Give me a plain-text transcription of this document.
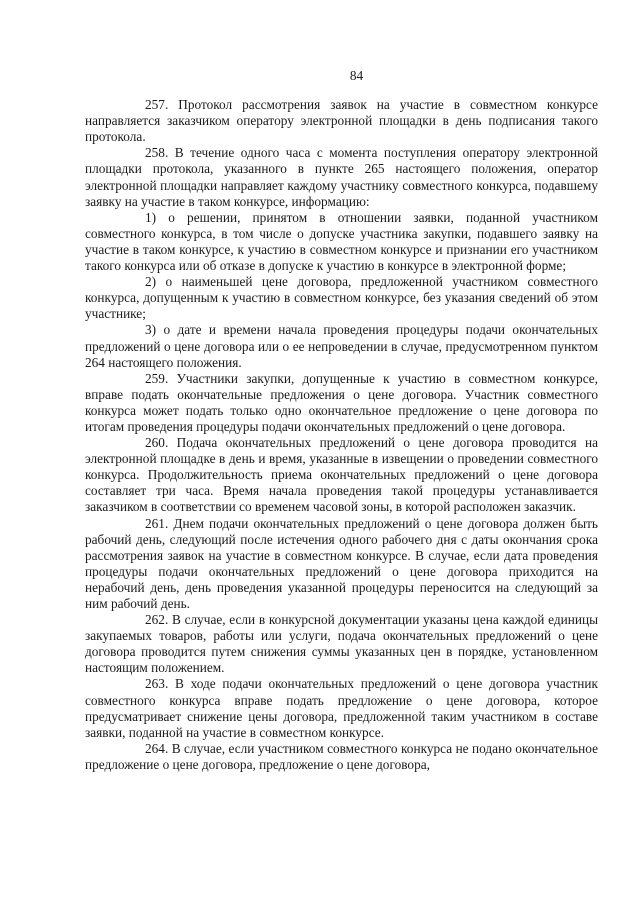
84

257. Протокол рассмотрения заявок на участие в совместном конкурсе направляется заказчиком оператору электронной площадки в день подписания такого протокола.

258. В течение одного часа с момента поступления оператору электронной площадки протокола, указанного в пункте 265 настоящего положения, оператор электронной площадки направляет каждому участнику совместного конкурса, подавшему заявку на участие в таком конкурсе, информацию:

1) о решении, принятом в отношении заявки, поданной участником совместного конкурса, в том числе о допуске участника закупки, подавшего заявку на участие в таком конкурсе, к участию в совместном конкурсе и признании его участником такого конкурса или об отказе в допуске к участию в конкурсе в электронной форме;

2) о наименьшей цене договора, предложенной участником совместного конкурса, допущенным к участию в совместном конкурсе, без указания сведений об этом участнике;

3) о дате и времени начала проведения процедуры подачи окончательных предложений о цене договора или о ее непроведении в случае, предусмотренном пунктом 264 настоящего положения.

259. Участники закупки, допущенные к участию в совместном конкурсе, вправе подать окончательные предложения о цене договора. Участник совместного конкурса может подать только одно окончательное предложение о цене договора по итогам проведения процедуры подачи окончательных предложений о цене договора.

260. Подача окончательных предложений о цене договора проводится на электронной площадке в день и время, указанные в извещении о проведении совместного конкурса. Продолжительность приема окончательных предложений о цене договора составляет три часа. Время начала проведения такой процедуры устанавливается заказчиком в соответствии со временем часовой зоны, в которой расположен заказчик.

261. Днем подачи окончательных предложений о цене договора должен быть рабочий день, следующий после истечения одного рабочего дня с даты окончания срока рассмотрения заявок на участие в совместном конкурсе. В случае, если дата проведения процедуры подачи окончательных предложений о цене договора приходится на нерабочий день, день проведения указанной процедуры переносится на следующий за ним рабочий день.

262. В случае, если в конкурсной документации указаны цена каждой единицы закупаемых товаров, работы или услуги, подача окончательных предложений о цене договора проводится путем снижения суммы указанных цен в порядке, установленном настоящим положением.

263. В ходе подачи окончательных предложений о цене договора участник совместного конкурса вправе подать предложение о цене договора, которое предусматривает снижение цены договора, предложенной таким участником в составе заявки, поданной на участие в совместном конкурсе.

264. В случае, если участником совместного конкурса не подано окончательное предложение о цене договора, предложение о цене договора,
